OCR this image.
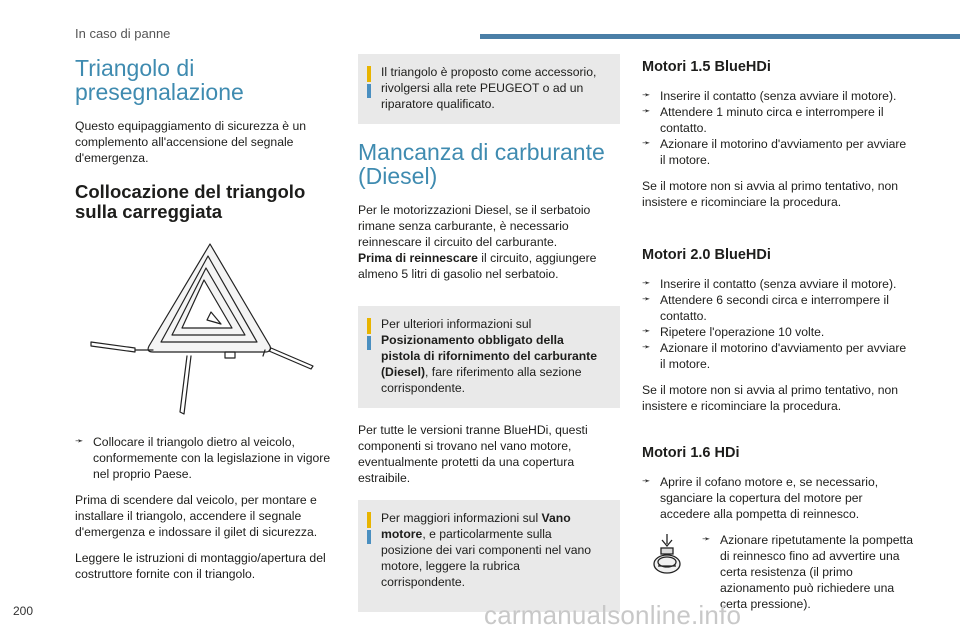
In caso di panne
Triangolo di presegnalazione

Questo equipaggiamento di sicurezza è un complemento all'accensione del segnale d'emergenza.

Collocazione del triangolo sulla carreggiata
➛ Collocare il triangolo dietro al veicolo, conformemente con la legislazione in vigore nel proprio Paese.

Prima di scendere dal veicolo, per montare e installare il triangolo, accendere il segnale d'emergenza e indossare il gilet di sicurezza.

Leggere le istruzioni di montaggio/apertura del costruttore fornite con il triangolo.

Il triangolo è proposto come accessorio, rivolgersi alla rete PEUGEOT o ad un riparatore qualificato.
Mancanza di carburante (Diesel)

Per le motorizzazioni Diesel, se il serbatoio rimane senza carburante, è necessario reinnescare il circuito del carburante.
Prima di reinnescare il circuito, aggiungere almeno 5 litri di gasolio nel serbatoio.

Per ulteriori informazioni sul Posizionamento obbligato della pistola di rifornimento del carburante (Diesel), fare riferimento alla sezione corrispondente.

Per tutte le versioni tranne BlueHDi, questi componenti si trovano nel vano motore, eventualmente protetti da una copertura estraibile.

Per maggiori informazioni sul Vano motore, e particolarmente sulla posizione dei vari componenti nel vano motore, leggere la rubrica corrispondente.
Motori 1.5 BlueHDi
➛ Inserire il contatto (senza avviare il motore).
➛ Attendere 1 minuto circa e interrompere il contatto.
➛ Azionare il motorino d'avviamento per avviare il motore.

Se il motore non si avvia al primo tentativo, non insistere e ricominciare la procedura.

Motori 2.0 BlueHDi
➛ Inserire il contatto (senza avviare il motore).
➛ Attendere 6 secondi circa e interrompere il contatto.
➛ Ripetere l'operazione 10 volte.
➛ Azionare il motorino d'avviamento per avviare il motore.

Se il motore non si avvia al primo tentativo, non insistere e ricominciare la procedura.

Motori 1.6 HDi
➛ Aprire il cofano motore e, se necessario, sganciare la copertura del motore per accedere alla pompetta di reinnesco.
➛ Azionare ripetutamente la pompetta di reinnesco fino ad avvertire una certa resistenza (il primo azionamento può richiedere una certa pressione).
200	carmanualsonline.info
